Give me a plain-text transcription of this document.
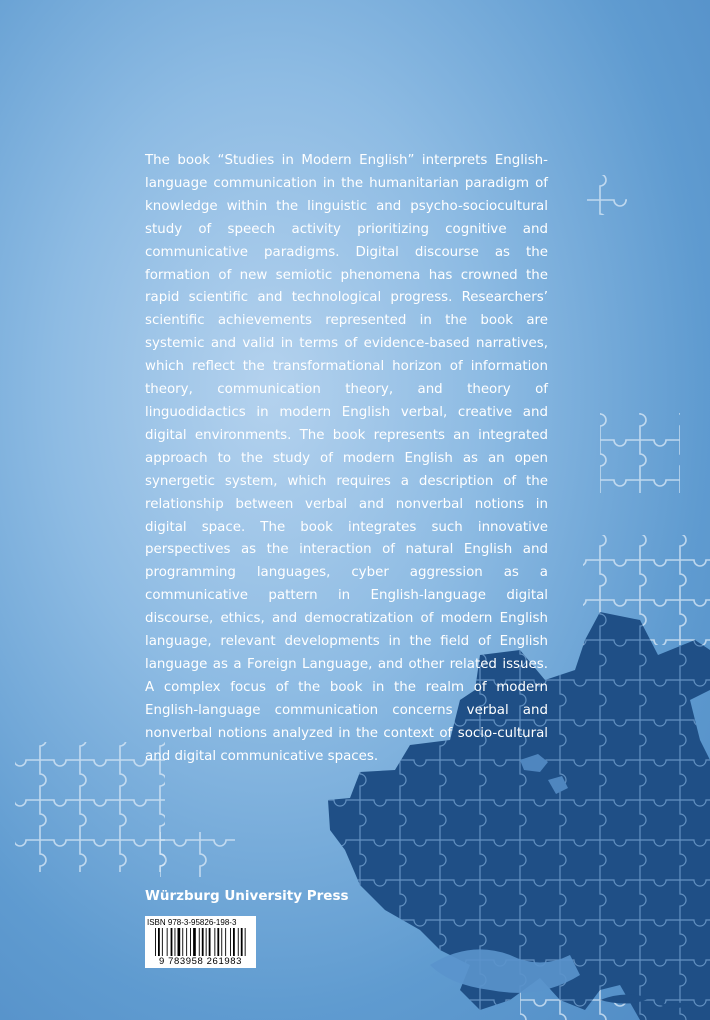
The book “Studies in Modern English” interprets English-language communication in the humanitarian paradigm of knowledge within the linguistic and psycho-sociocultural study of speech activity prioritizing cognitive and communicative paradigms. Digital discourse as the formation of new semiotic phenomena has crowned the rapid scientific and technological progress. Researchers’ scientific achievements represented in the book are systemic and valid in terms of evidence-based narratives, which reflect the transformational horizon of information theory, communication theory, and theory of linguodidactics in modern English verbal, creative and digital environments. The book represents an integrated approach to the study of modern English as an open synergetic system, which requires a description of the relationship between verbal and nonverbal notions in digital space. The book integrates such innovative perspectives as the interaction of natural English and programming languages, cyber aggression as a communicative pattern in English-language digital discourse, ethics, and democratization of modern English language, relevant developments in the field of English language as a Foreign Language, and other related issues. A complex focus of the book in the realm of modern English-language communication concerns verbal and nonverbal notions analyzed in the context of socio-cultural and digital communicative spaces.

Würzburg University Press

ISBN 978-3-95826-198-3
9 783958 261983
